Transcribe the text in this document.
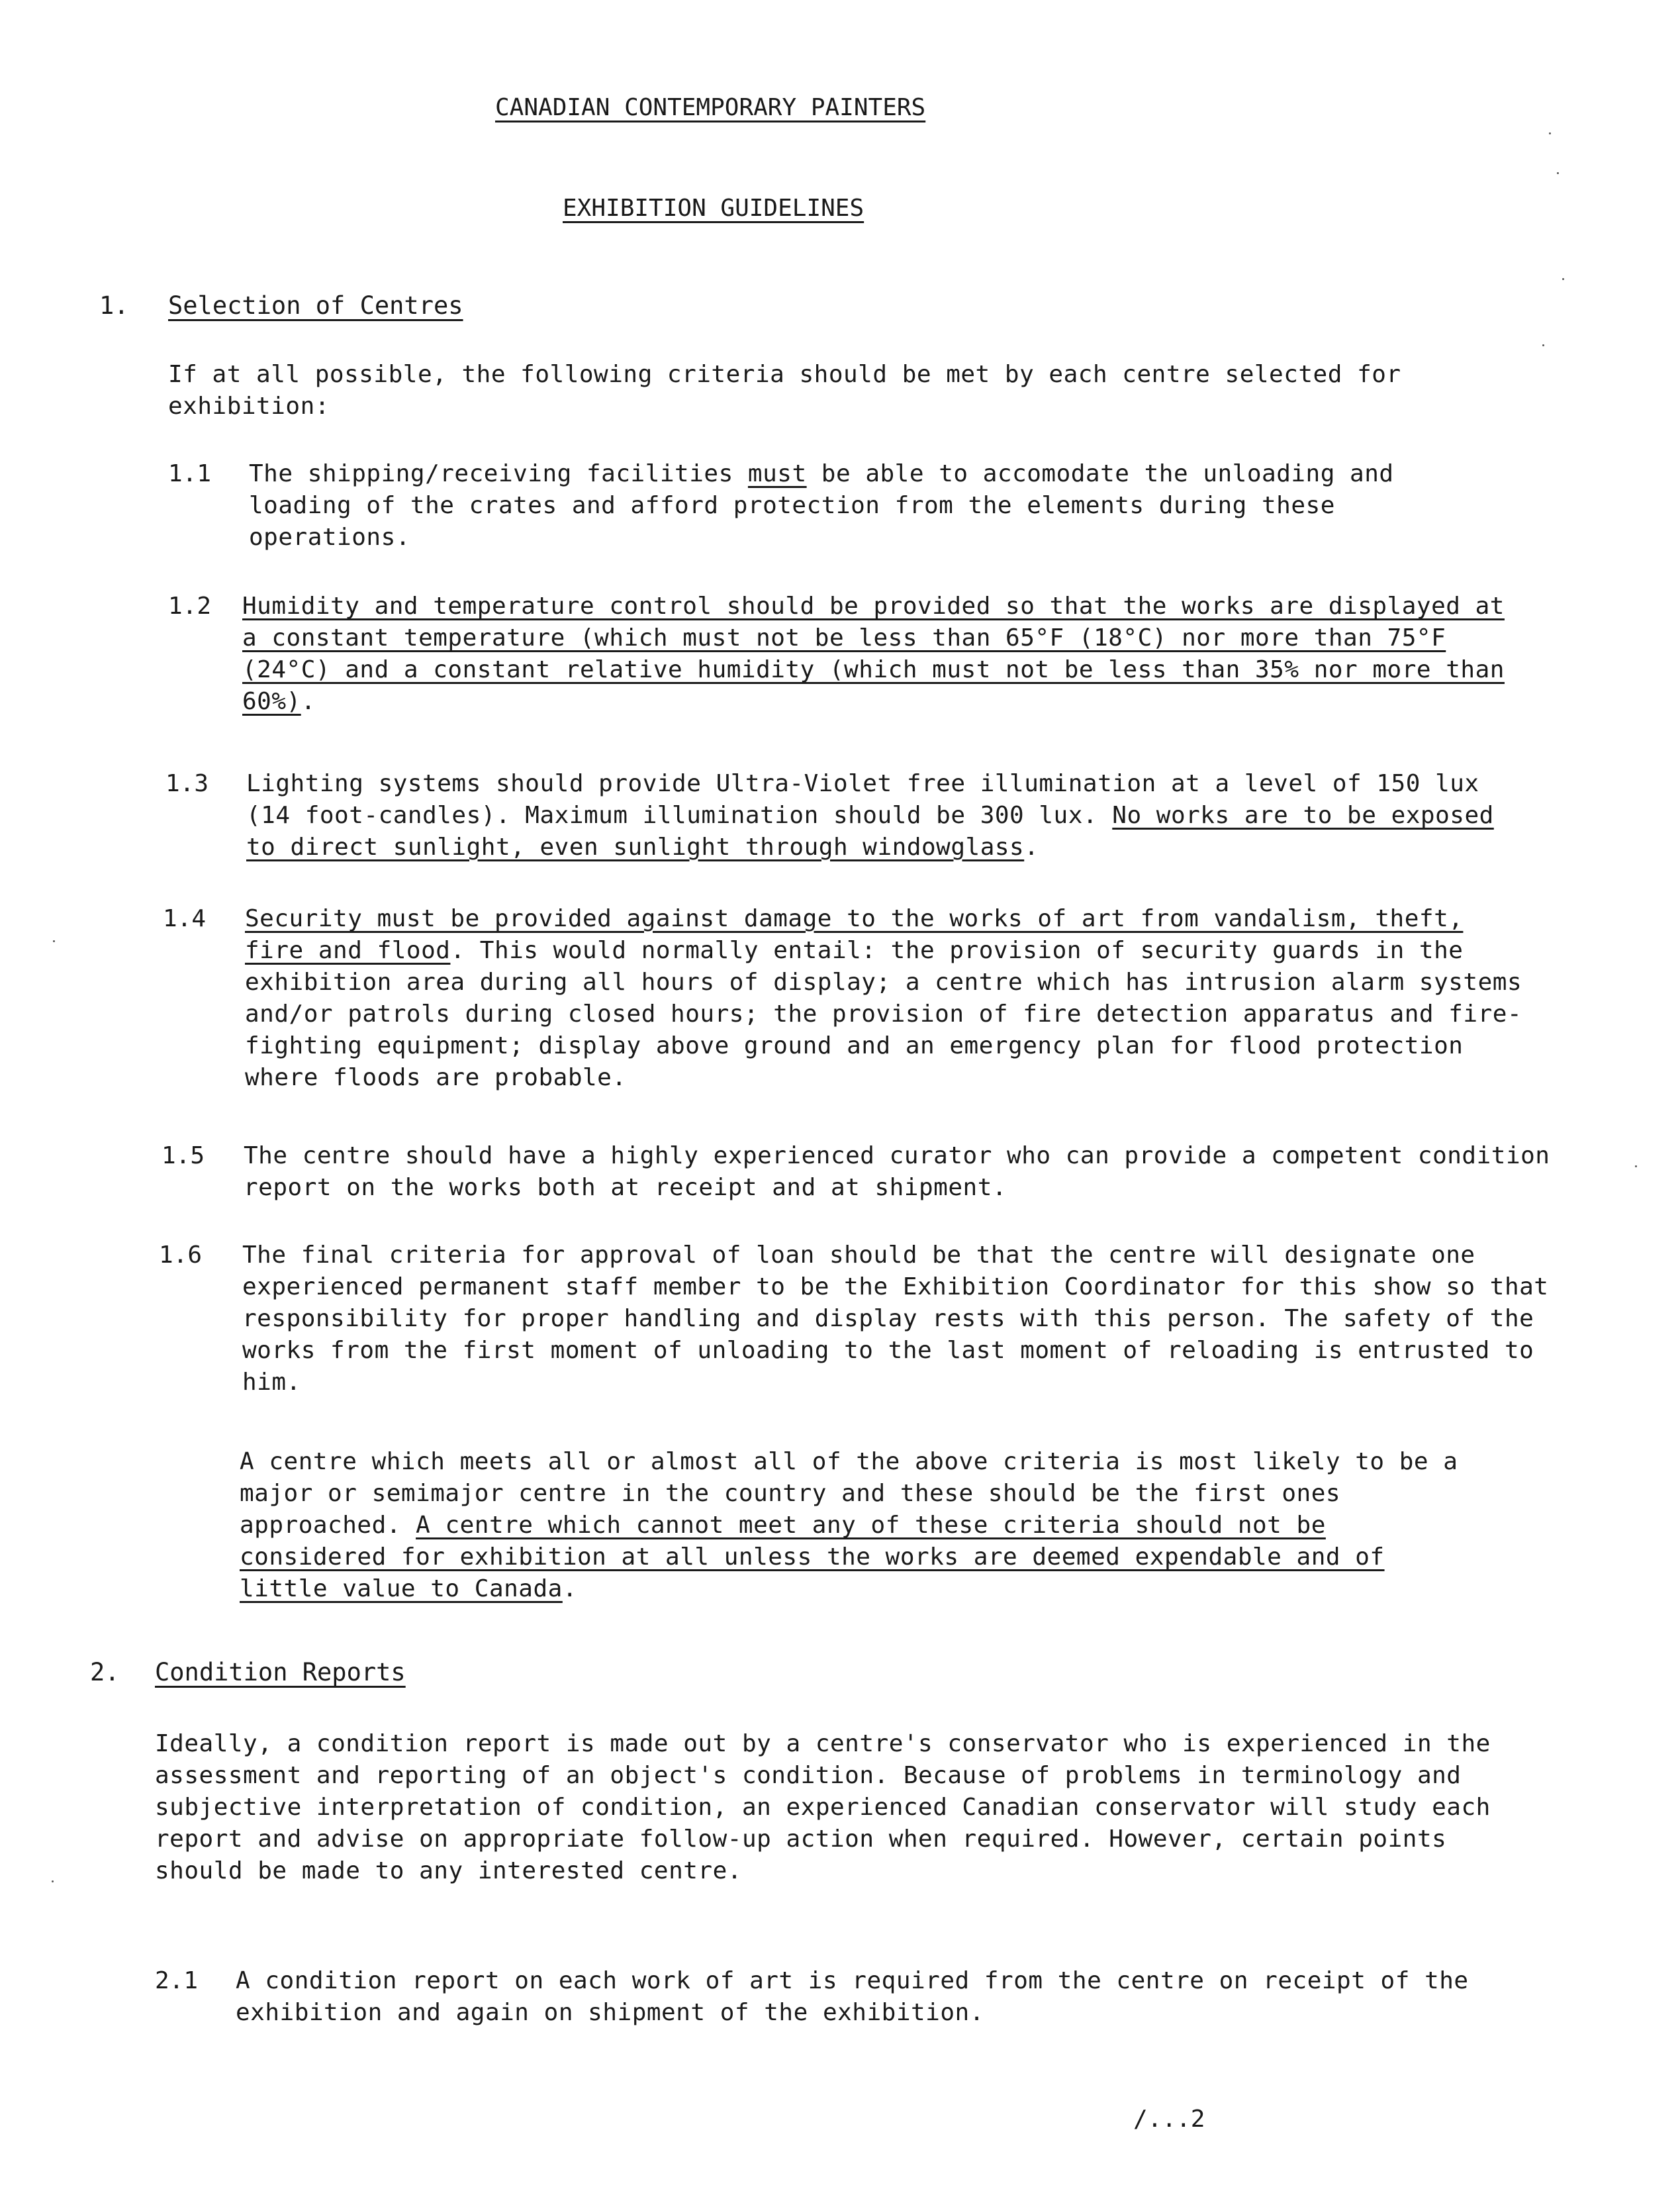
CANADIAN CONTEMPORARY PAINTERS
EXHIBITION GUIDELINES
1. Selection of Centres

If at all possible, the following criteria should be met by each centre selected for exhibition:

1.1 The shipping/receiving facilities must be able to accomodate the unloading and loading of the crates and afford protection from the elements during these operations.

1.2 Humidity and temperature control should be provided so that the works are displayed at a constant temperature (which must not be less than 65°F (18°C) nor more than 75°F (24°C) and a constant relative humidity (which must not be less than 35% nor more than 60%).

1.3 Lighting systems should provide Ultra-Violet free illumination at a level of 150 lux (14 foot-candles). Maximum illumination should be 300 lux. No works are to be exposed to direct sunlight, even sunlight through windowglass.

1.4 Security must be provided against damage to the works of art from vandalism, theft, fire and flood. This would normally entail: the provision of security guards in the exhibition area during all hours of display; a centre which has intrusion alarm systems and/or patrols during closed hours; the provision of fire detection apparatus and fire-fighting equipment; display above ground and an emergency plan for flood protection where floods are probable.

1.5 The centre should have a highly experienced curator who can provide a competent condition report on the works both at receipt and at shipment.

1.6 The final criteria for approval of loan should be that the centre will designate one experienced permanent staff member to be the Exhibition Coordinator for this show so that responsibility for proper handling and display rests with this person. The safety of the works from the first moment of unloading to the last moment of reloading is entrusted to him.

A centre which meets all or almost all of the above criteria is most likely to be a major or semimajor centre in the country and these should be the first ones approached. A centre which cannot meet any of these criteria should not be considered for exhibition at all unless the works are deemed expendable and of little value to Canada.

2. Condition Reports

Ideally, a condition report is made out by a centre's conservator who is experienced in the assessment and reporting of an object's condition. Because of problems in terminology and subjective interpretation of condition, an experienced Canadian conservator will study each report and advise on appropriate follow-up action when required. However, certain points should be made to any interested centre.

2.1 A condition report on each work of art is required from the centre on receipt of the exhibition and again on shipment of the exhibition.

/...2
